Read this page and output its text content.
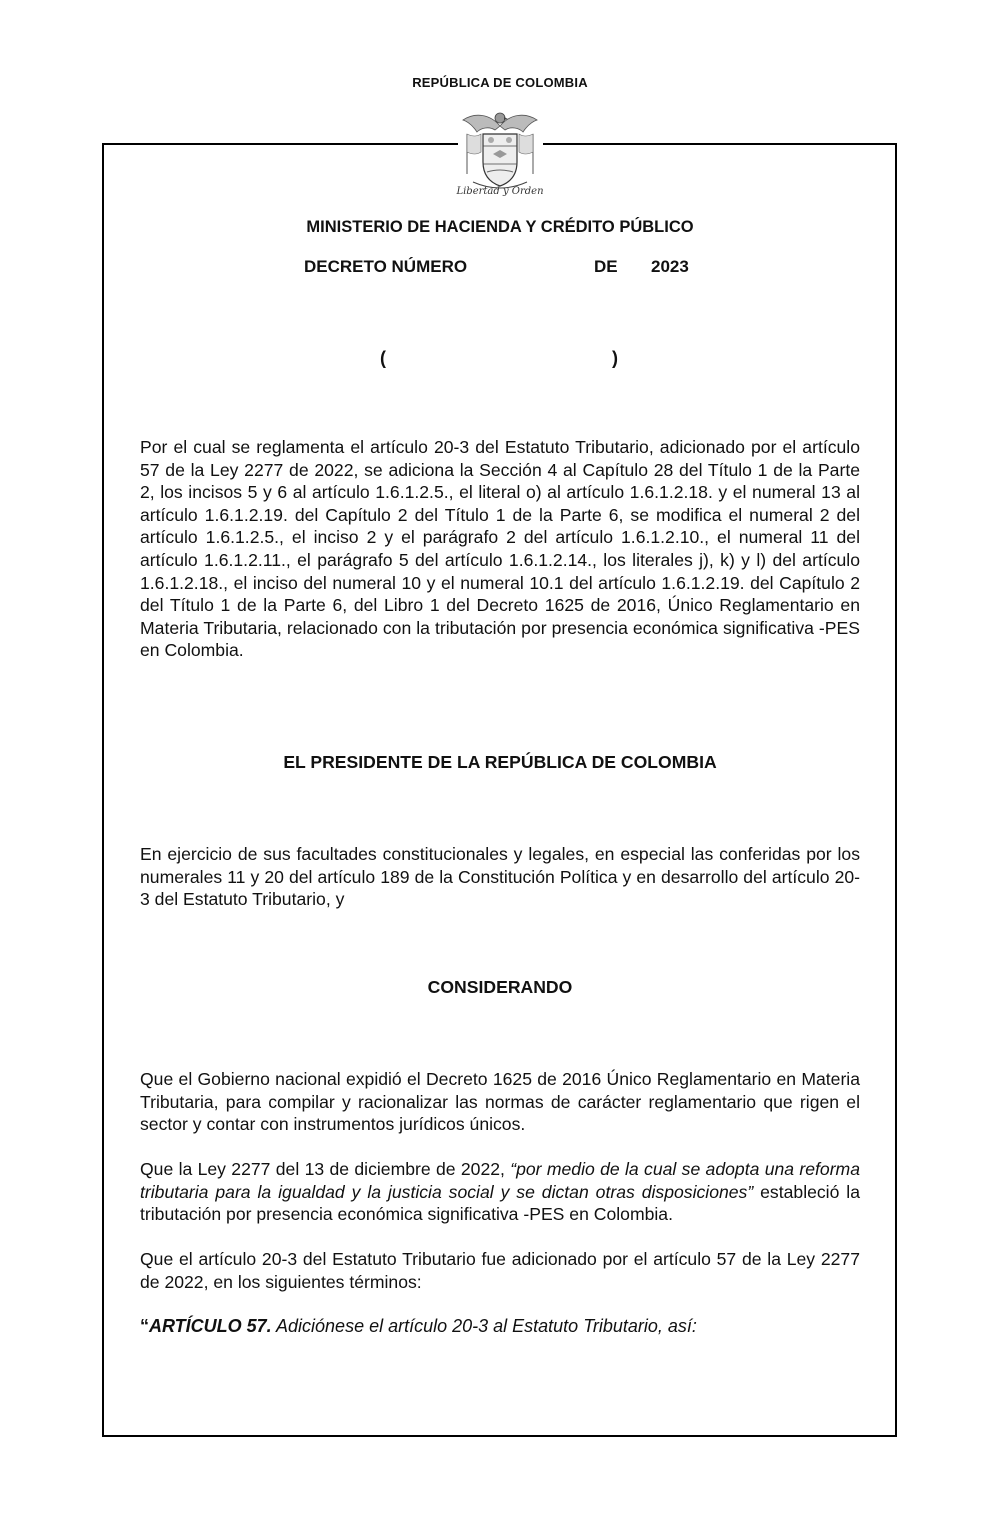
REPÚBLICA DE COLOMBIA
Libertad y Orden
MINISTERIO DE HACIENDA Y CRÉDITO PÚBLICO
DECRETO NÚMERO	DE 2023
(	)
Por el cual se reglamenta el artículo 20-3 del Estatuto Tributario, adicionado por el artículo 57 de la Ley 2277 de 2022, se adiciona la Sección 4 al Capítulo 28 del Título 1 de la Parte 2, los incisos 5 y 6 al artículo 1.6.1.2.5., el literal o) al artículo 1.6.1.2.18. y el numeral 13 al artículo 1.6.1.2.19. del Capítulo 2 del Título 1 de la Parte 6, se modifica el numeral 2 del artículo 1.6.1.2.5., el inciso 2 y el parágrafo 2 del artículo 1.6.1.2.10., el numeral 11 del artículo 1.6.1.2.11., el parágrafo 5 del artículo 1.6.1.2.14., los literales j), k) y l) del artículo 1.6.1.2.18., el inciso del numeral 10 y el numeral 10.1 del artículo 1.6.1.2.19. del Capítulo 2 del Título 1 de la Parte 6, del Libro 1 del Decreto 1625 de 2016, Único Reglamentario en Materia Tributaria, relacionado con la tributación por presencia económica significativa -PES en Colombia.
EL PRESIDENTE DE LA REPÚBLICA DE COLOMBIA
En ejercicio de sus facultades constitucionales y legales, en especial las conferidas por los numerales 11 y 20 del artículo 189 de la Constitución Política y en desarrollo del artículo 20-3 del Estatuto Tributario, y
CONSIDERANDO
Que el Gobierno nacional expidió el Decreto 1625 de 2016 Único Reglamentario en Materia Tributaria, para compilar y racionalizar las normas de carácter reglamentario que rigen el sector y contar con instrumentos jurídicos únicos.
Que la Ley 2277 del 13 de diciembre de 2022, “por medio de la cual se adopta una reforma tributaria para la igualdad y la justicia social y se dictan otras disposiciones” estableció la tributación por presencia económica significativa -PES en Colombia.
Que el artículo 20-3 del Estatuto Tributario fue adicionado por el artículo 57 de la Ley 2277 de 2022, en los siguientes términos:
“ARTÍCULO 57. Adiciónese el artículo 20-3 al Estatuto Tributario, así:
